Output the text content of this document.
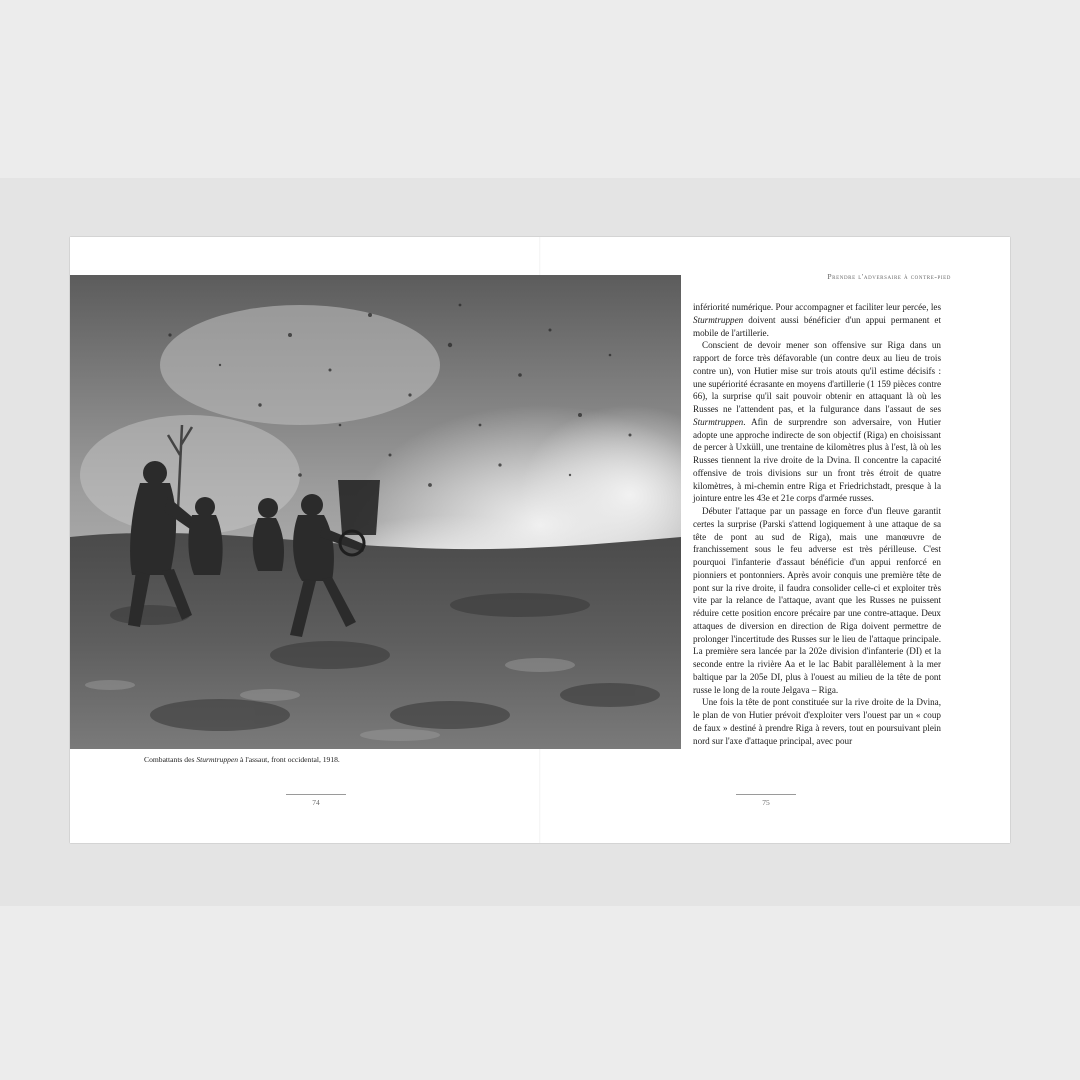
Combattants des Sturmtruppen à l'assaut, front occidental, 1918.
74
Prendre l'adversaire à contre-pied

infériorité numérique. Pour accompagner et faciliter leur percée, les Sturmtruppen doivent aussi bénéficier d'un appui permanent et mobile de l'artillerie.

Conscient de devoir mener son offensive sur Riga dans un rapport de force très défavorable (un contre deux au lieu de trois contre un), von Hutier mise sur trois atouts qu'il estime décisifs : une supériorité écrasante en moyens d'artillerie (1 159 pièces contre 66), la surprise qu'il sait pouvoir obtenir en attaquant là où les Russes ne l'attendent pas, et la fulgurance dans l'assaut de ses Sturmtruppen. Afin de surprendre son adversaire, von Hutier adopte une approche indirecte de son objectif (Riga) en choisissant de percer à Uxküll, une trentaine de kilomètres plus à l'est, là où les Russes tiennent la rive droite de la Dvina. Il concentre la capacité offensive de trois divisions sur un front très étroit de quatre kilomètres, à mi-chemin entre Riga et Friedrichstadt, presque à la jointure entre les 43e et 21e corps d'armée russes.

Débuter l'attaque par un passage en force d'un fleuve garantit certes la surprise (Parski s'attend logiquement à une attaque de sa tête de pont au sud de Riga), mais une manœuvre de franchissement sous le feu adverse est très périlleuse. C'est pourquoi l'infanterie d'assaut bénéficie d'un appui renforcé en pionniers et pontonniers. Après avoir conquis une première tête de pont sur la rive droite, il faudra consolider celle-ci et exploiter très vite par la relance de l'attaque, avant que les Russes ne puissent réduire cette position encore précaire par une contre-attaque. Deux attaques de diversion en direction de Riga doivent permettre de prolonger l'incertitude des Russes sur le lieu de l'attaque principale. La première sera lancée par la 202e division d'infanterie (DI) et la seconde entre la rivière Aa et le lac Babit parallèlement à la mer baltique par la 205e DI, plus à l'ouest au milieu de la tête de pont russe le long de la route Jelgava – Riga.

Une fois la tête de pont constituée sur la rive droite de la Dvina, le plan de von Hutier prévoit d'exploiter vers l'ouest par un « coup de faux » destiné à prendre Riga à revers, tout en poursuivant plein nord sur l'axe d'attaque principal, avec pour

75
